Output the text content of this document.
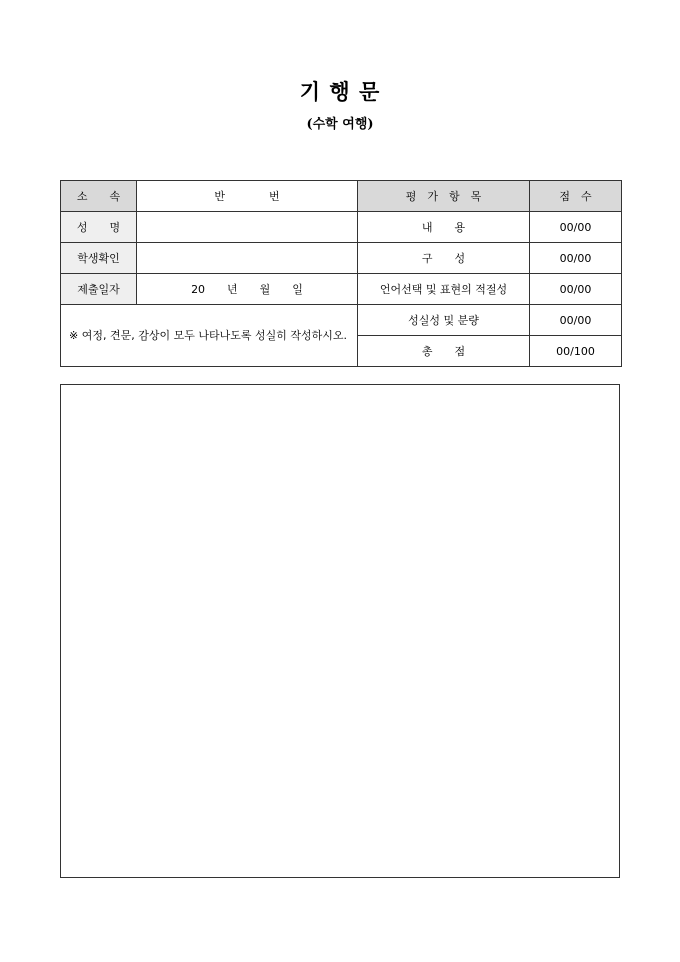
기 행 문
(수학 여행)
소　　속	반　　　　번	평　가　항　목	점　수
성　　명		내　　용	00/00
학생확인		구　　성	00/00
제출일자	20　　년　　월　　일	언어선택 및 표현의 적절성	00/00
※ 여정, 견문, 감상이 모두 나타나도록 성실히 작성하시오.		성실성 및 분량	00/00
		총　　점	00/100
